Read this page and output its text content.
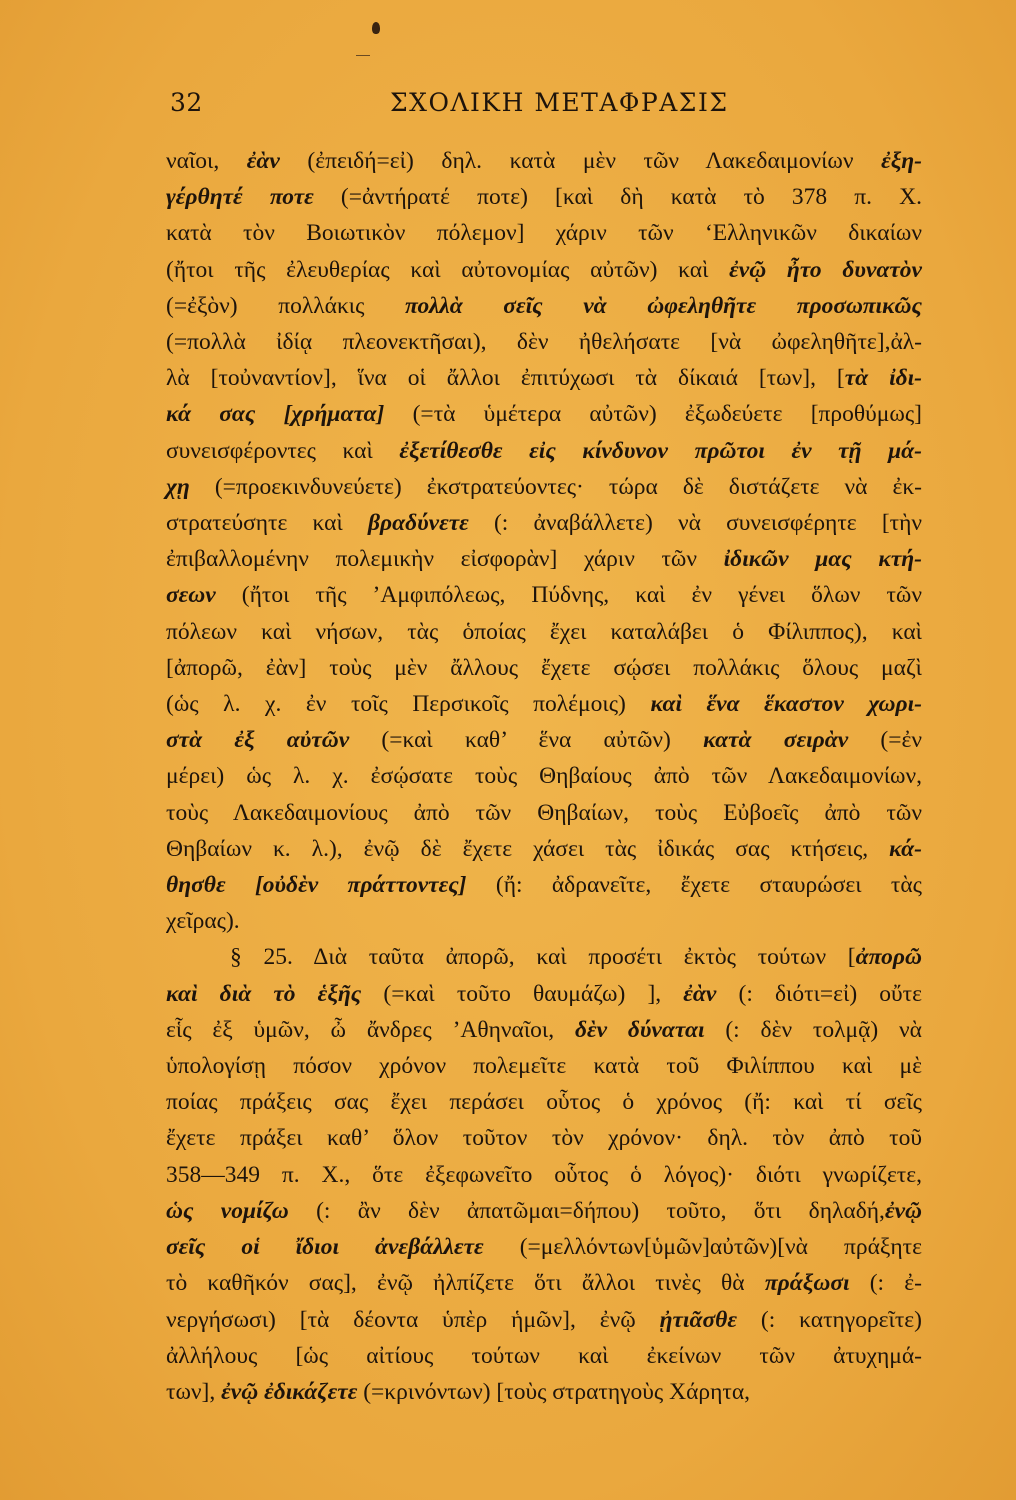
32	ΣΧΟΛΙΚΗ ΜΕΤΑΦΡΑΣΙΣ
ναῖοι, ἐὰν (ἐπειδή=εἰ) δηλ. κατὰ μὲν τῶν Λακεδαιμονίων ἐξη-
γέρθητέ ποτε (=ἀντήρατέ ποτε) [καὶ δὴ κατὰ τὸ 378 π. Χ.
κατὰ τὸν Βοιωτικὸν πόλεμον] χάριν τῶν ‘Ελληνικῶν δικαίων
(ἤτοι τῆς ἐλευθερίας καὶ αὐτονομίας αὐτῶν) καὶ ἐνῷ ἦτο δυνατὸν
(=ἐξὸν) πολλάκις πολλὰ σεῖς νὰ ὠφεληθῆτε προσωπικῶς
(=πολλὰ ἰδίᾳ πλεονεκτῆσαι), δὲν ἠθελήσατε [νὰ ὠφεληθῆτε],ἀλ-
λὰ [τοὐναντίον], ἵνα οἱ ἄλλοι ἐπιτύχωσι τὰ δίκαιά [των], [τὰ ἰδι-
κά σας [χρήματα] (=τὰ ὑμέτερα αὐτῶν) ἐξωδεύετε [προθύμως]
συνεισφέροντες καὶ ἐξετίθεσθε εἰς κίνδυνον πρῶτοι ἐν τῇ μά-
χῃ (=προεκινδυνεύετε) ἐκστρατεύοντες· τώρα δὲ διστάζετε νὰ ἐκ-
στρατεύσητε καὶ βραδύνετε (: ἀναβάλλετε) νὰ συνεισφέρητε [τὴν
ἐπιβαλλομένην πολεμικὴν εἰσφορὰν] χάριν τῶν ἰδικῶν μας κτή-
σεων (ἤτοι τῆς ’Αμφιπόλεως, Πύδνης, καὶ ἐν γένει ὅλων τῶν
πόλεων καὶ νήσων, τὰς ὁποίας ἔχει καταλάβει ὁ Φίλιππος), καὶ
[ἀπορῶ, ἐὰν] τοὺς μὲν ἄλλους ἔχετε σῴσει πολλάκις ὅλους μαζὶ
(ὡς λ. χ. ἐν τοῖς Περσικοῖς πολέμοις) καὶ ἕνα ἕκαστον χωρι-
στὰ ἐξ αὐτῶν (=καὶ καθ’ ἕνα αὐτῶν) κατὰ σειρὰν (=ἐν
μέρει) ὡς λ. χ. ἐσῴσατε τοὺς Θηβαίους ἀπὸ τῶν Λακεδαιμονίων,
τοὺς Λακεδαιμονίους ἀπὸ τῶν Θηβαίων, τοὺς Εὐβοεῖς ἀπὸ τῶν
Θηβαίων κ. λ.), ἐνῷ δὲ ἔχετε χάσει τὰς ἰδικάς σας κτήσεις, κά-
θησθε [οὐδὲν πράττοντες] (ἤ: ἀδρανεῖτε, ἔχετε σταυρώσει τὰς
χεῖρας).
§ 25. Διὰ ταῦτα ἀπορῶ, καὶ προσέτι ἐκτὸς τούτων [ἀπορῶ
καὶ διὰ τὸ ἑξῆς (=καὶ τοῦτο θαυμάζω) ], ἐὰν (: διότι=εἰ) οὔτε
εἷς ἐξ ὑμῶν, ὦ ἄνδρες ’Αθηναῖοι, δὲν δύναται (: δὲν τολμᾷ) νὰ
ὑπολογίσῃ πόσον χρόνον πολεμεῖτε κατὰ τοῦ Φιλίππου καὶ μὲ
ποίας πράξεις σας ἔχει περάσει οὗτος ὁ χρόνος (ἤ: καὶ τί σεῖς
ἔχετε πράξει καθ’ ὅλον τοῦτον τὸν χρόνον· δηλ. τὸν ἀπὸ τοῦ
358—349 π. Χ., ὅτε ἐξεφωνεῖτο οὗτος ὁ λόγος)· διότι γνωρίζετε,
ὡς νομίζω (: ἂν δὲν ἀπατῶμαι=δήπου) τοῦτο, ὅτι δηλαδή,ἐνῷ
σεῖς οἱ ἴδιοι ἀνεβάλλετε (=μελλόντων[ὑμῶν]αὐτῶν)[νὰ πράξητε
τὸ καθῆκόν σας], ἐνῷ ἠλπίζετε ὅτι ἄλλοι τινὲς θὰ πράξωσι (: ἐ-
νεργήσωσι) [τὰ δέοντα ὑπὲρ ἡμῶν], ἐνῷ ᾐτιᾶσθε (: κατηγορεῖτε)
ἀλλήλους [ὡς αἰτίους τούτων καὶ ἐκείνων τῶν ἀτυχημά-
των], ἐνῷ ἐδικάζετε (=κρινόντων) [τοὺς στρατηγοὺς Χάρητα,
